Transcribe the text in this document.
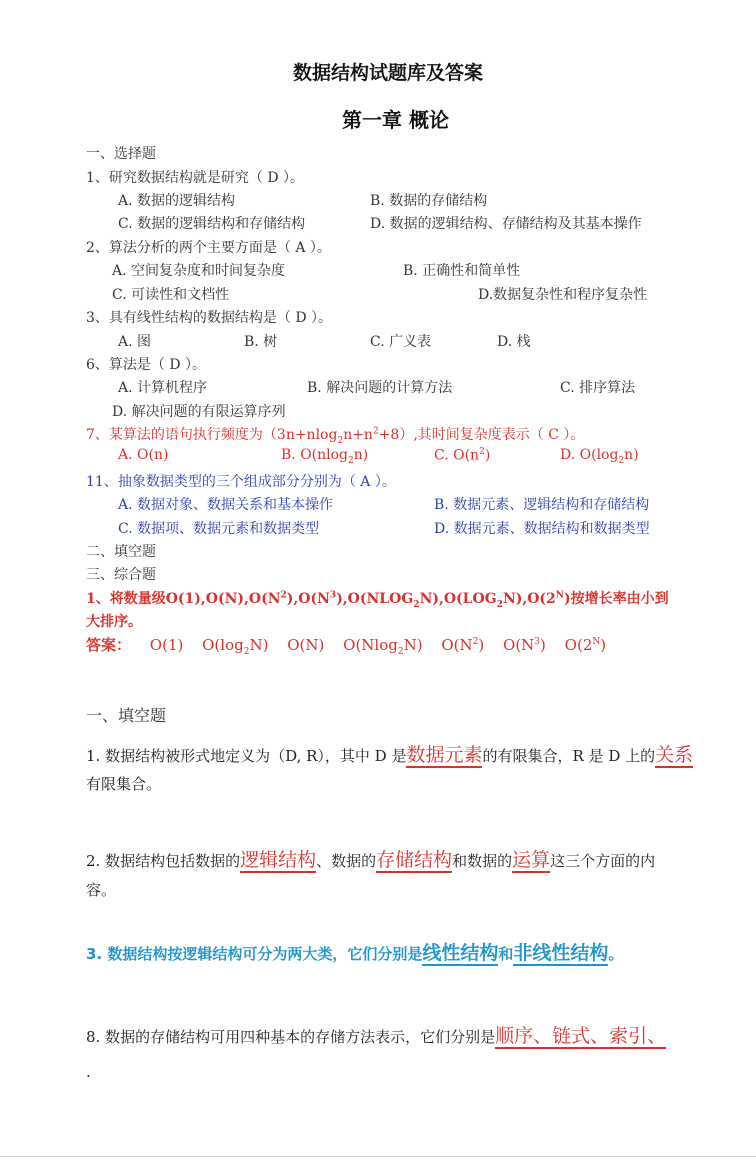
数据结构试题库及答案
第一章 概论
一、选择题
1、研究数据结构就是研究（ D ）。
A. 数据的逻辑结构	B. 数据的存储结构
C. 数据的逻辑结构和存储结构	D. 数据的逻辑结构、存储结构及其基本操作
2、算法分析的两个主要方面是（ A ）。
A. 空间复杂度和时间复杂度	B. 正确性和简单性
C. 可读性和文档性	D.数据复杂性和程序复杂性
3、具有线性结构的数据结构是（ D ）。
A. 图	B. 树	C. 广义表	D. 栈
6、算法是（ D ）。
A. 计算机程序	B. 解决问题的计算方法	C. 排序算法
D. 解决问题的有限运算序列
7、某算法的语句执行频度为$(3n+nlog_2n+n^2+8)$,其时间复杂度表示（ C ）。
A. O(n)	B. O(nlog$_2$n)	C. $O(n^2)$	D. $O(\log_2n)$
11、抽象数据类型的三个组成部分分别为（ A ）。
A. 数据对象、数据关系和基本操作	B. 数据元素、逻辑结构和存储结构
C. 数据项、数据元素和数据类型	D. 数据元素、数据结构和数据类型
二、填空题
三、综合题
1、将数量级$O(1),O(N),O(N^2),O(N^3),O(NLOG_2N),O(LOG_2N),O(2^N)$按增长率由小到
大排序。
答案： O(1) $O(\log_2N)$ O(N) O(Nlog$_2$N) $O(N^2)$ $O(N^3)$ $O(2^N)$
一、填空题
1. 数据结构被形式地定义为（D, R），其中 D 是数据元素的有限集合，R 是 D 上的关系
有限集合。
2. 数据结构包括数据的逻辑结构、数据的存储结构和数据的运算这三个方面的内
容。
3. 数据结构按逻辑结构可分为两大类，它们分别是线性结构和非线性结构。
8. 数据的存储结构可用四种基本的存储方法表示，它们分别是顺序、链式、索引、
.
